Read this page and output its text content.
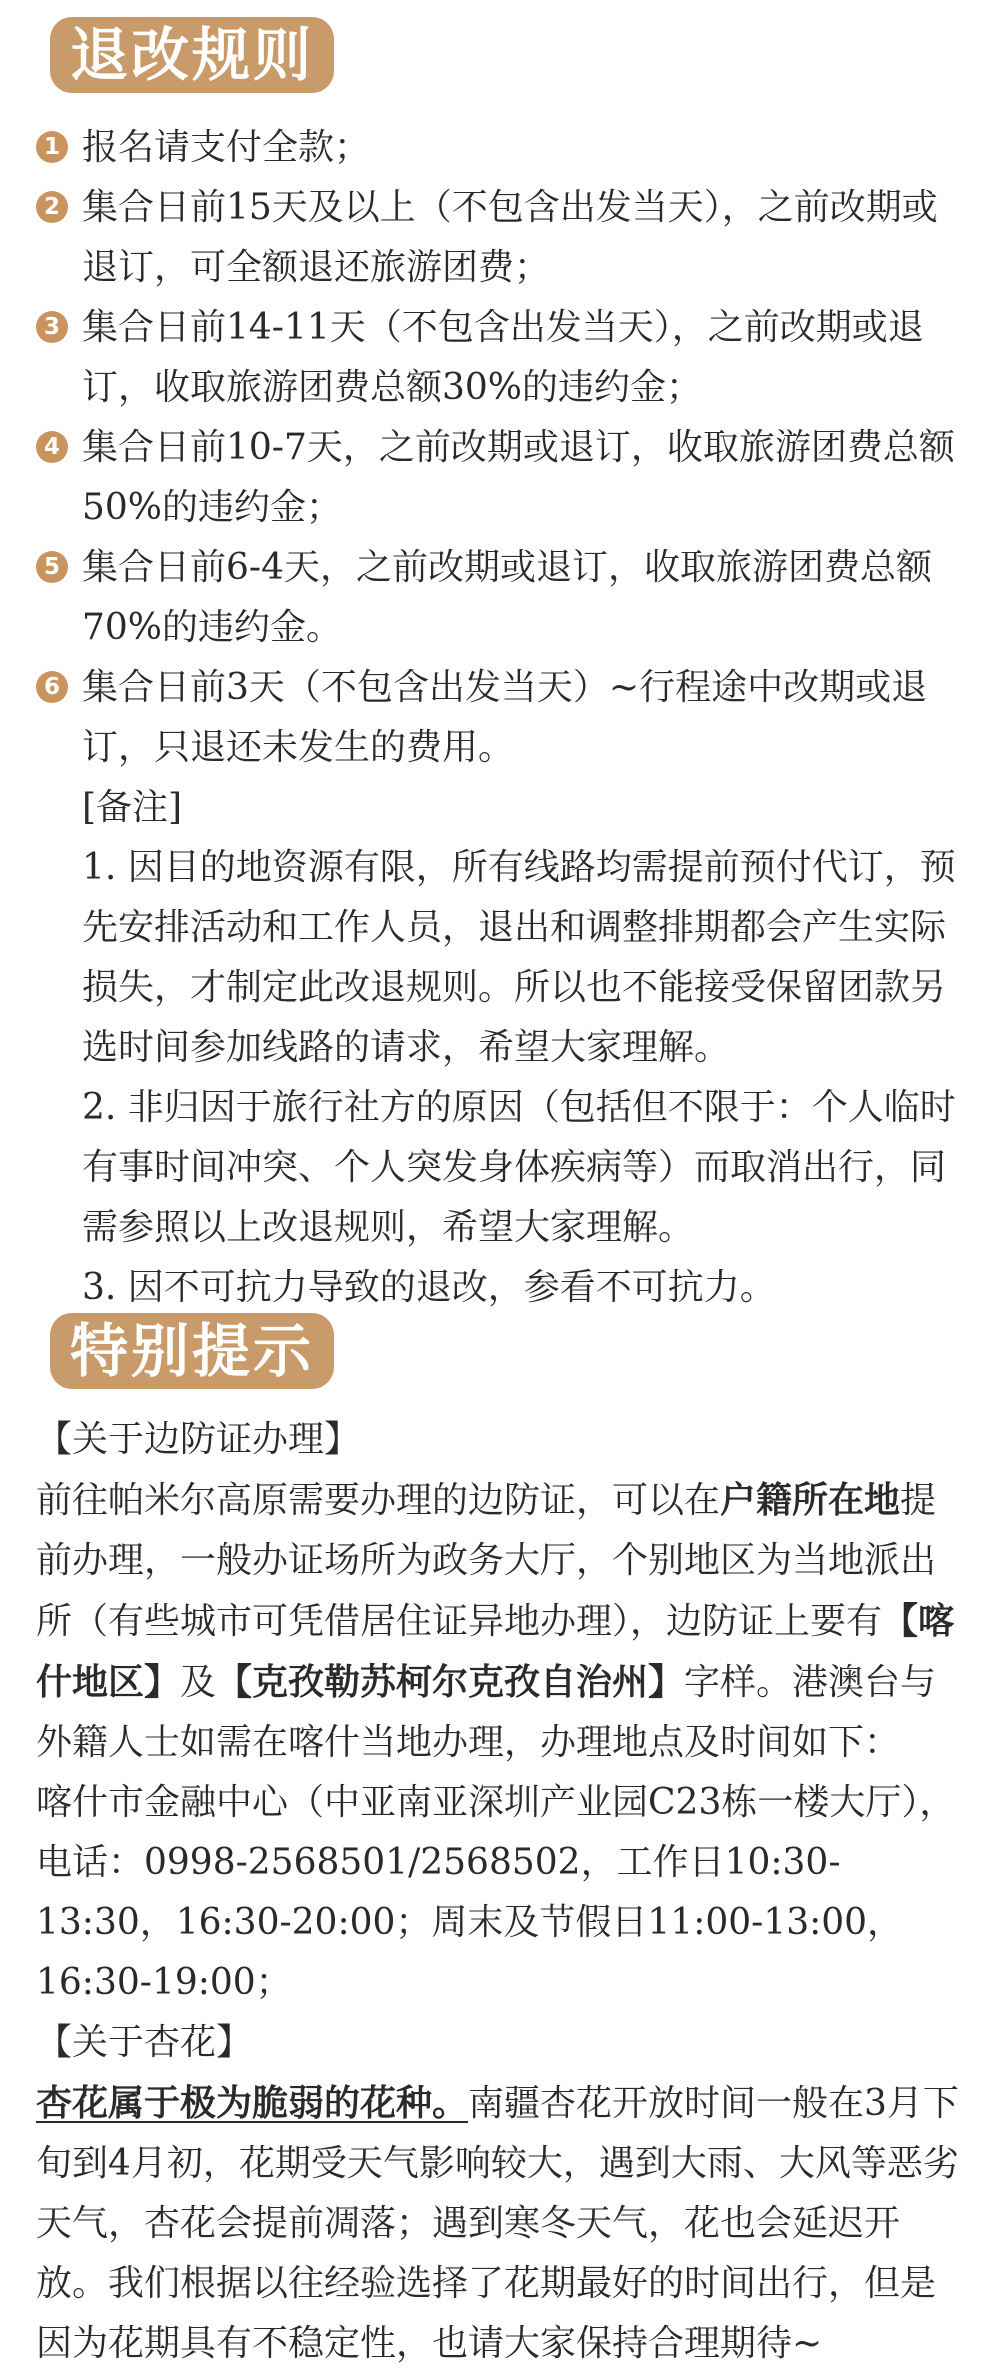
退改规则
1 报名请支付全款；

2 集合日前15天及以上（不包含出发当天），之前改期或退订，可全额退还旅游团费；

3 集合日前14-11天（不包含出发当天），之前改期或退订，收取旅游团费总额30%的违约金；

4 集合日前10-7天，之前改期或退订，收取旅游团费总额50%的违约金；

5 集合日前6-4天，之前改期或退订，收取旅游团费总额70%的违约金。

6 集合日前3天（不包含出发当天）~行程途中改期或退订，只退还未发生的费用。

[备注]

1. 因目的地资源有限，所有线路均需提前预付代订，预先安排活动和工作人员，退出和调整排期都会产生实际损失，才制定此改退规则。所以也不能接受保留团款另选时间参加线路的请求，希望大家理解。

2. 非归因于旅行社方的原因（包括但不限于：个人临时有事时间冲突、个人突发身体疾病等）而取消出行，同需参照以上改退规则，希望大家理解。

3. 因不可抗力导致的退改，参看不可抗力。

特别提示

【关于边防证办理】

前往帕米尔高原需要办理的边防证，可以在户籍所在地提前办理，一般办证场所为政务大厅，个别地区为当地派出所（有些城市可凭借居住证异地办理），边防证上要有【喀什地区】及【克孜勒苏柯尔克孜自治州】字样。港澳台与外籍人士如需在喀什当地办理，办理地点及时间如下：

喀什市金融中心（中亚南亚深圳产业园C23栋一楼大厅），电话：0998-2568501/2568502，工作日10:30-13:30，16:30-20:00；周末及节假日11:00-13:00，16:30-19:00；

【关于杏花】

杏花属于极为脆弱的花种。南疆杏花开放时间一般在3月下旬到4月初，花期受天气影响较大，遇到大雨、大风等恶劣天气，杏花会提前凋落；遇到寒冬天气，花也会延迟开放。我们根据以往经验选择了花期最好的时间出行，但是因为花期具有不稳定性，也请大家保持合理期待~
